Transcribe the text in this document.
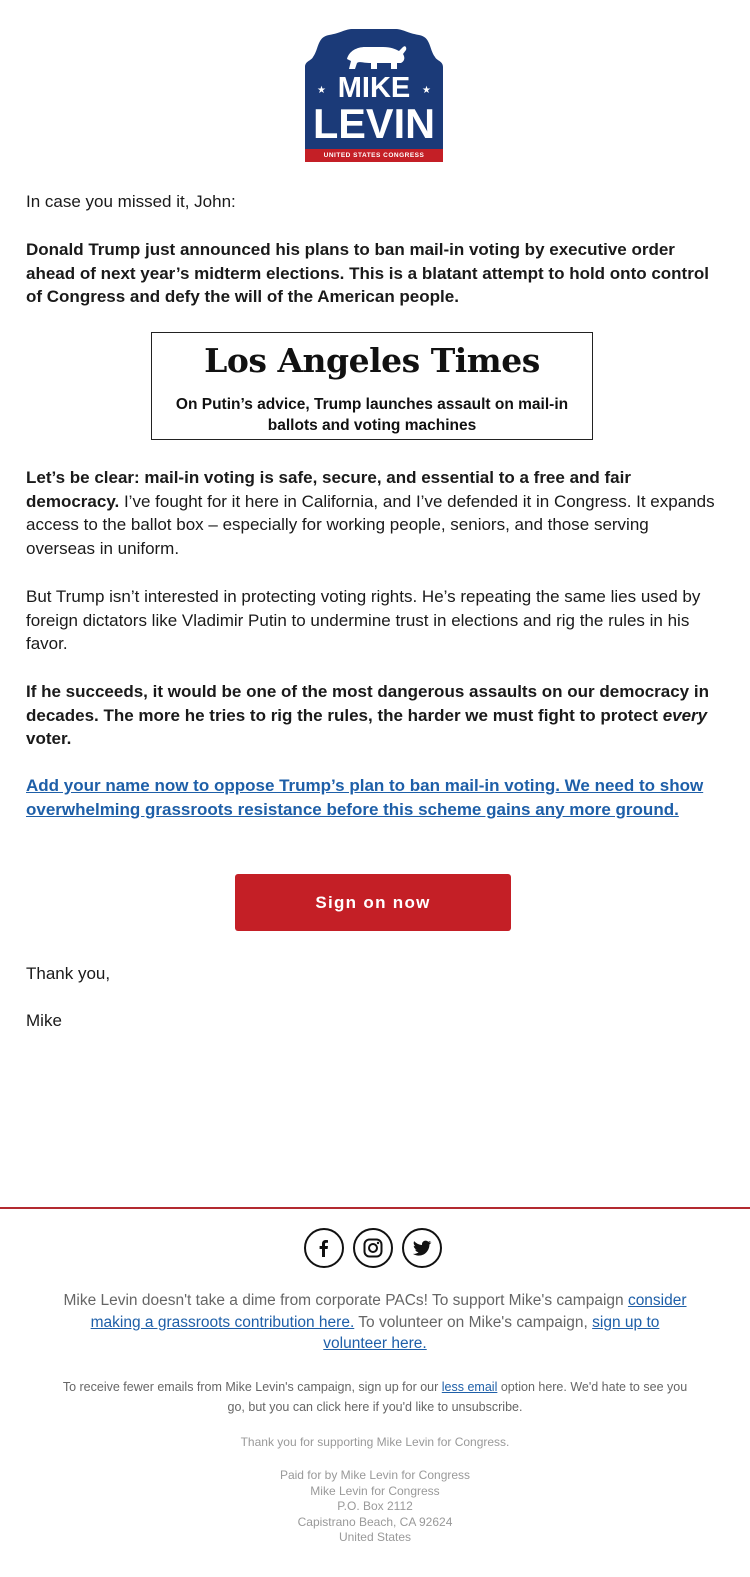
★	★
MIKE
LEVIN
UNITED STATES CONGRESS

In case you missed it, John:

Donald Trump just announced his plans to ban mail-in voting by executive order ahead of next year’s midterm elections. This is a blatant attempt to hold onto control of Congress and defy the will of the American people.

Los Angeles Times
On Putin’s advice, Trump launches assault on mail-in ballots and voting machines

Let’s be clear: mail-in voting is safe, secure, and essential to a free and fair democracy. I’ve fought for it here in California, and I’ve defended it in Congress. It expands access to the ballot box – especially for working people, seniors, and those serving overseas in uniform.

But Trump isn’t interested in protecting voting rights. He’s repeating the same lies used by foreign dictators like Vladimir Putin to undermine trust in elections and rig the rules in his favor.

If he succeeds, it would be one of the most dangerous assaults on our democracy in decades. The more he tries to rig the rules, the harder we must fight to protect every voter.

Add your name now to oppose Trump’s plan to ban mail-in voting. We need to show overwhelming grassroots resistance before this scheme gains any more ground.
Sign on now

Thank you,

Mike

Mike Levin doesn't take a dime from corporate PACs! To support Mike's campaign consider making a grassroots contribution here. To volunteer on Mike's campaign, sign up to volunteer here.
To receive fewer emails from Mike Levin's campaign, sign up for our less email option here. We'd hate to see you go, but you can click here if you'd like to unsubscribe.
Thank you for supporting Mike Levin for Congress.
Paid for by Mike Levin for Congress
Mike Levin for Congress
P.O. Box 2112
Capistrano Beach, CA 92624
United States
